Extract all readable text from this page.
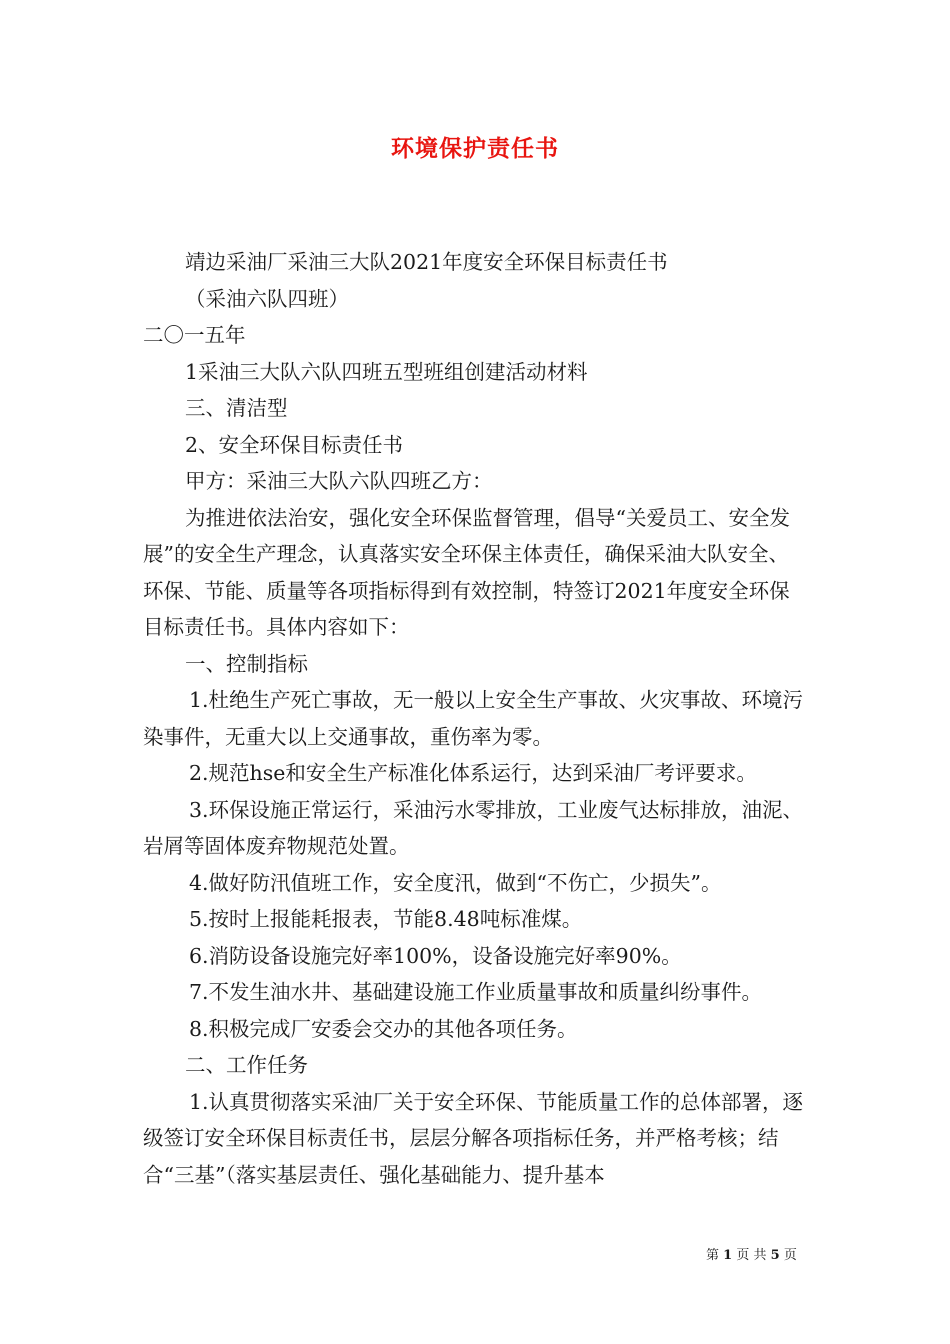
环境保护责任书

靖边采油厂采油三大队2021年度安全环保目标责任书

（采油六队四班）

二〇一五年

1采油三大队六队四班五型班组创建活动材料

三、清洁型

2、安全环保目标责任书

甲方：采油三大队六队四班乙方：

为推进依法治安，强化安全环保监督管理，倡导“关爱员工、安全发展”的安全生产理念，认真落实安全环保主体责任，确保采油大队安全、环保、节能、质量等各项指标得到有效控制，特签订2021年度安全环保目标责任书。具体内容如下：

一、控制指标

1.杜绝生产死亡事故，无一般以上安全生产事故、火灾事故、环境污染事件，无重大以上交通事故，重伤率为零。

2.规范hse和安全生产标准化体系运行，达到采油厂考评要求。

3.环保设施正常运行，采油污水零排放，工业废气达标排放，油泥、岩屑等固体废弃物规范处置。

4.做好防汛值班工作，安全度汛，做到“不伤亡，少损失”。

5.按时上报能耗报表，节能8.48吨标准煤。

6.消防设备设施完好率100%，设备设施完好率90%。

7.不发生油水井、基础建设施工作业质量事故和质量纠纷事件。

8.积极完成厂安委会交办的其他各项任务。

二、工作任务

1.认真贯彻落实采油厂关于安全环保、节能质量工作的总体部署，逐级签订安全环保目标责任书，层层分解各项指标任务，并严格考核；结合“三基”（落实基层责任、强化基础能力、提升基本

第 1 页 共 5 页
